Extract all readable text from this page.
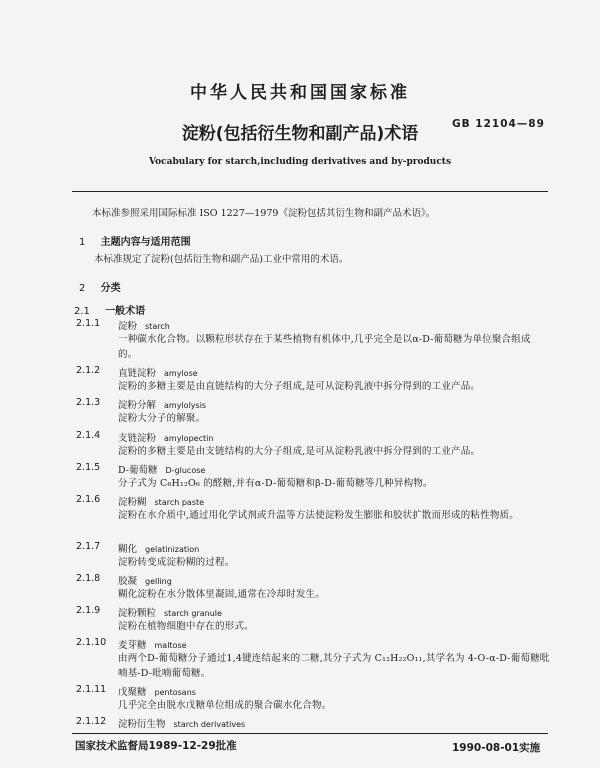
中华人民共和国国家标准
GB 12104—89
淀粉(包括衍生物和副产品)术语
Vocabulary for starch,including derivatives and by-products
本标准参照采用国际标准 ISO 1227—1979《淀粉包括其衍生物和副产品术语》。
1 主题内容与适用范围
本标准规定了淀粉(包括衍生物和副产品)工业中常用的术语。
2 分类
2.1 一般术语
2.1.1 淀粉 starch
一种碳水化合物。以颗粒形状存在于某些植物有机体中,几乎完全是以α-D-葡萄糖为单位聚合组成的。
2.1.2 直链淀粉 amylose
淀粉的多糖主要是由直链结构的大分子组成,是可从淀粉乳液中拆分得到的工业产品。
2.1.3 淀粉分解 amylolysis
淀粉大分子的解聚。
2.1.4 支链淀粉 amylopectin
淀粉的多糖主要是由支链结构的大分子组成,是可从淀粉乳液中拆分得到的工业产品。
2.1.5 D-葡萄糖 D-glucose
分子式为 C₆H₁₂O₆ 的醛糖,并有α-D-葡萄糖和β-D-葡萄糖等几种异构物。
2.1.6 淀粉糊 starch paste
淀粉在水介质中,通过用化学试剂或升温等方法使淀粉发生膨胀和胶状扩散而形成的粘性物质。
2.1.7 糊化 gelatinization
淀粉转变成淀粉糊的过程。
2.1.8 胶凝 gelling
糊化淀粉在水分散体里凝固,通常在冷却时发生。
2.1.9 淀粉颗粒 starch granule
淀粉在植物细胞中存在的形式。
2.1.10 麦芽糖 maltose
由两个D-葡萄糖分子通过1,4键连结起来的二糖,其分子式为 C₁₂H₂₂O₁₁,其学名为 4-O-α-D-葡萄糖吡喃基-D-吡喃葡萄糖。
2.1.11 戊聚糖 pentosans
几乎完全由脱水戊糖单位组成的聚合碳水化合物。
2.1.12 淀粉衍生物 starch derivatives
国家技术监督局1989-12-29批准	1990-08-01实施
